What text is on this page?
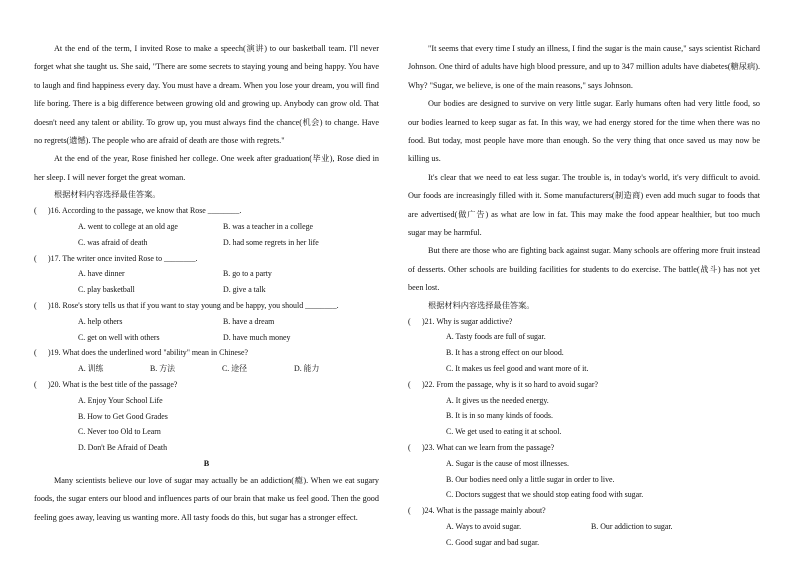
At the end of the term, I invited Rose to make a speech(演讲) to our basketball team. I'll never forget what she taught us. She said, "There are some secrets to staying young and being happy. You have to laugh and find happiness every day. You must have a dream. When you lose your dream, you will find life boring. There is a big difference between growing old and growing up. Anybody can grow old. That doesn't need any talent or ability. To grow up, you must always find the chance(机会) to change. Have no regrets(遗憾). The people who are afraid of death are those with regrets."

At the end of the year, Rose finished her college. One week after graduation(毕业), Rose died in her sleep. I will never forget the great woman.

根据材料内容选择最佳答案。

(	)16. According to the passage, we know that Rose ________.
A. went to college at an old age	B. was a teacher in a college
C. was afraid of death	D. had some regrets in her life
(	)17. The writer once invited Rose to ________.
A. have dinner	B. go to a party
C. play basketball	D. give a talk
(	)18. Rose's story tells us that if you want to stay young and be happy, you should ________.
A. help others	B. have a dream
C. get on well with others	D. have much money
(	)19. What does the underlined word "ability" mean in Chinese?
A. 训练	B. 方法	C. 途径	D. 能力
(	)20. What is the best title of the passage?
A. Enjoy Your School Life
B. How to Get Good Grades
C. Never too Old to Learn
D. Don't Be Afraid of Death

B

Many scientists believe our love of sugar may actually be an addiction(瘾). When we eat sugary foods, the sugar enters our blood and influences parts of our brain that make us feel good. Then the good feeling goes away, leaving us wanting more. All tasty foods do this, but sugar has a stronger effect.

"It seems that every time I study an illness, I find the sugar is the main cause," says scientist Richard Johnson. One third of adults have high blood pressure, and up to 347 million adults have diabetes(糖尿病). Why? "Sugar, we believe, is one of the main reasons," says Johnson.

Our bodies are designed to survive on very little sugar. Early humans often had very little food, so our bodies learned to keep sugar as fat. In this way, we had energy stored for the time when there was no food. But today, most people have more than enough. So the very thing that once saved us may now be killing us.

It's clear that we need to eat less sugar. The trouble is, in today's world, it's very difficult to avoid. Our foods are increasingly filled with it. Some manufacturers(制造商) even add much sugar to foods that are advertised(做广告) as what are low in fat. This may make the food appear healthier, but too much sugar may be harmful.

But there are those who are fighting back against sugar. Many schools are offering more fruit instead of desserts. Other schools are building facilities for students to do exercise. The battle(战斗) has not yet been lost.

根据材料内容选择最佳答案。

(	)21. Why is sugar addictive?
A. Tasty foods are full of sugar.
B. It has a strong effect on our blood.
C. It makes us feel good and want more of it.
(	)22. From the passage, why is it so hard to avoid sugar?
A. It gives us the needed energy.
B. It is in so many kinds of foods.
C. We get used to eating it at school.
(	)23. What can we learn from the passage?
A. Sugar is the cause of most illnesses.
B. Our bodies need only a little sugar in order to live.
C. Doctors suggest that we should stop eating food with sugar.
(	)24. What is the passage mainly about?
A. Ways to avoid sugar.	B. Our addiction to sugar.
C. Good sugar and bad sugar.
